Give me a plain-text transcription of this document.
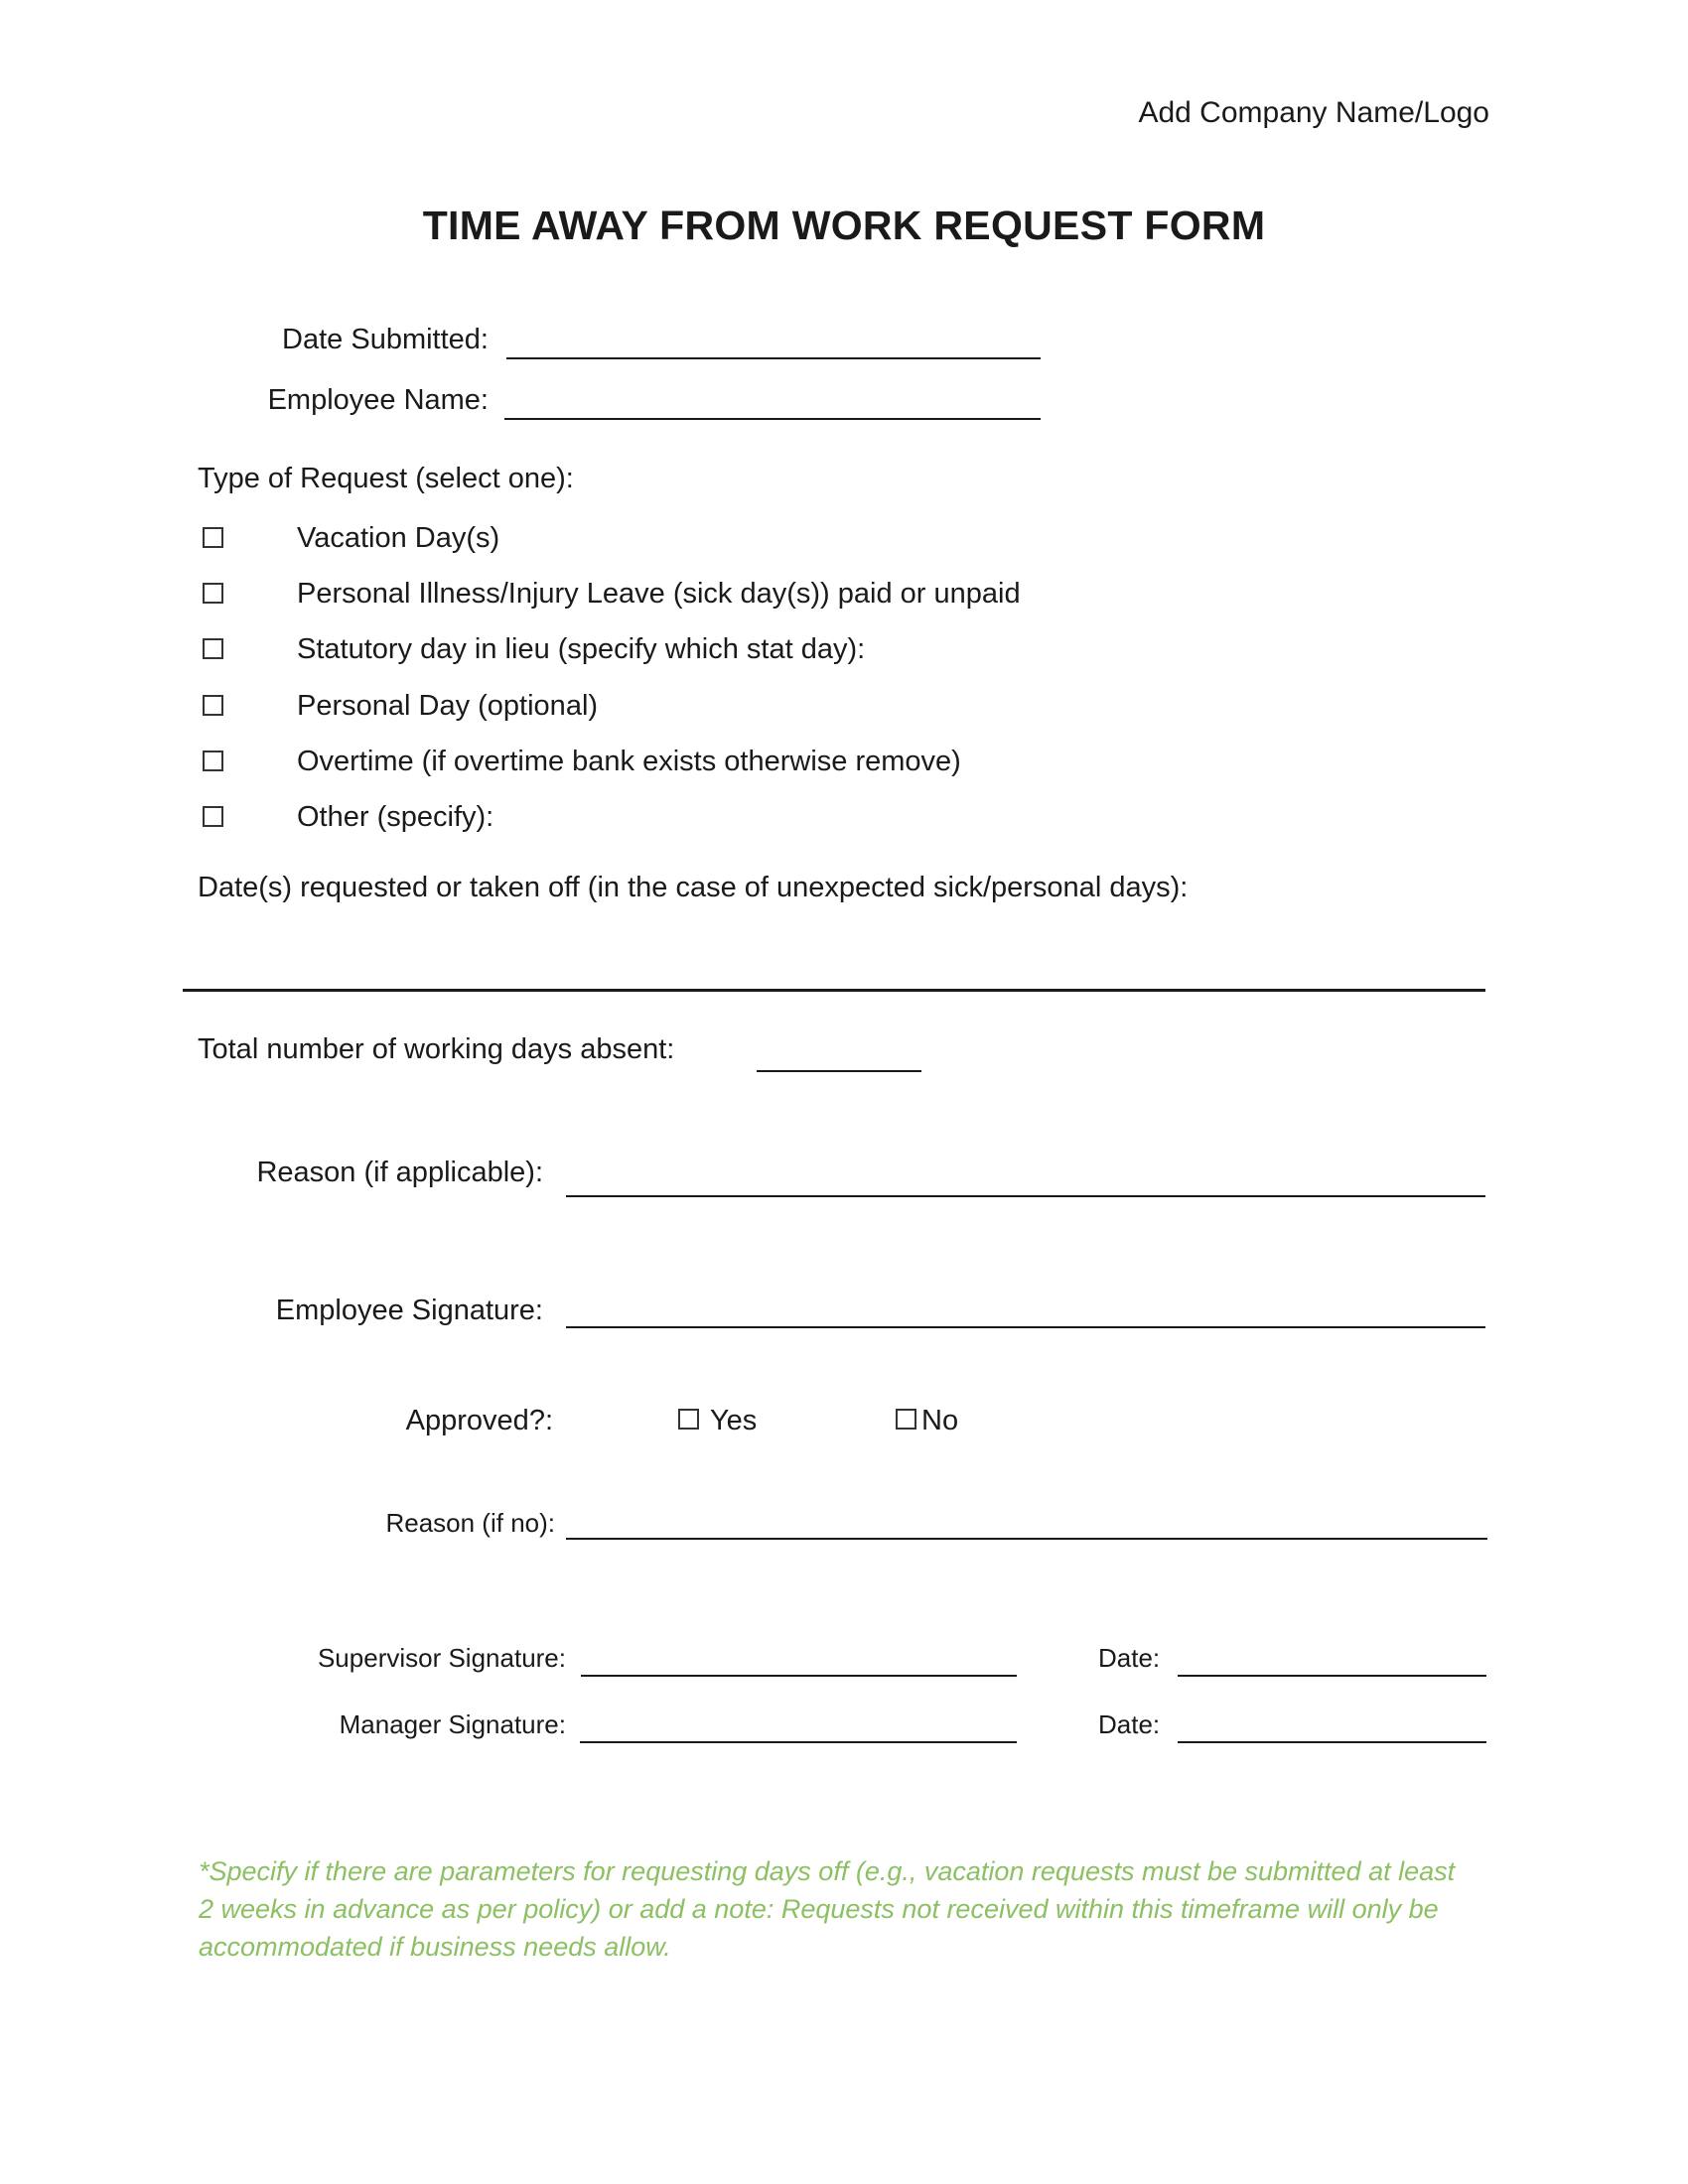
Add Company Name/Logo
TIME AWAY FROM WORK REQUEST FORM
Date Submitted:
Employee Name:
Type of Request (select one):
Vacation Day(s)
Personal Illness/Injury Leave (sick day(s)) paid or unpaid
Statutory day in lieu (specify which stat day):
Personal Day (optional)
Overtime (if overtime bank exists otherwise remove)
Other (specify):
Date(s) requested or taken off (in the case of unexpected sick/personal days):
Total number of working days absent:
Reason (if applicable):
Employee Signature:
Approved?:	Yes	No
Reason (if no):
Supervisor Signature:	Date:
Manager Signature:	Date:
*Specify if there are parameters for requesting days off (e.g., vacation requests must be submitted at least
2 weeks in advance as per policy) or add a note: Requests not received within this timeframe will only be
accommodated if business needs allow.
